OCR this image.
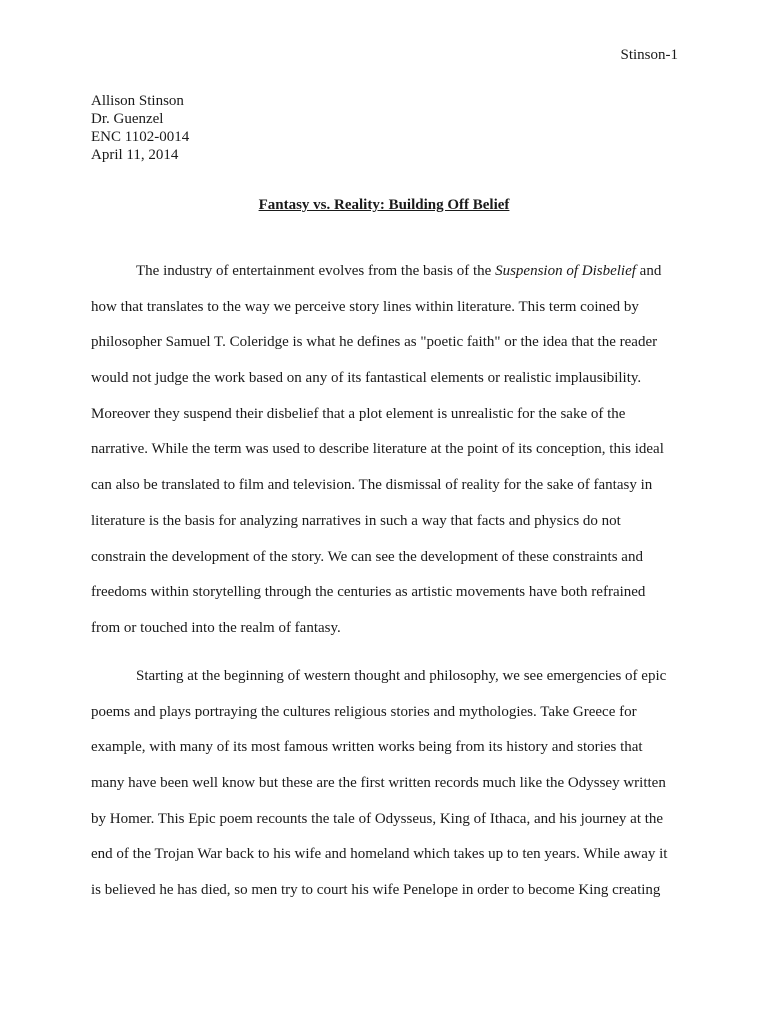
Stinson-1
Allison Stinson
Dr. Guenzel
ENC 1102-0014
April 11, 2014
Fantasy vs. Reality: Building Off Belief
The industry of entertainment evolves from the basis of the Suspension of Disbelief and
how that translates to the way we perceive story lines within literature. This term coined by
philosopher Samuel T. Coleridge is what he defines as "poetic faith" or the idea that the reader
would not judge the work based on any of its fantastical elements or realistic implausibility.
Moreover they suspend their disbelief that a plot element is unrealistic for the sake of the
narrative. While the term was used to describe literature at the point of its conception, this ideal
can also be translated to film and television. The dismissal of reality for the sake of fantasy in
literature is the basis for analyzing narratives in such a way that facts and physics do not
constrain the development of the story. We can see the development of these constraints and
freedoms within storytelling through the centuries as artistic movements have both refrained
from or touched into the realm of fantasy.
Starting at the beginning of western thought and philosophy, we see emergencies of epic
poems and plays portraying the cultures religious stories and mythologies. Take Greece for
example, with many of its most famous written works being from its history and stories that
many have been well know but these are the first written records much like the Odyssey written
by Homer. This Epic poem recounts the tale of Odysseus, King of Ithaca, and his journey at the
end of the Trojan War back to his wife and homeland which takes up to ten years. While away it
is believed he has died, so men try to court his wife Penelope in order to become King creating
